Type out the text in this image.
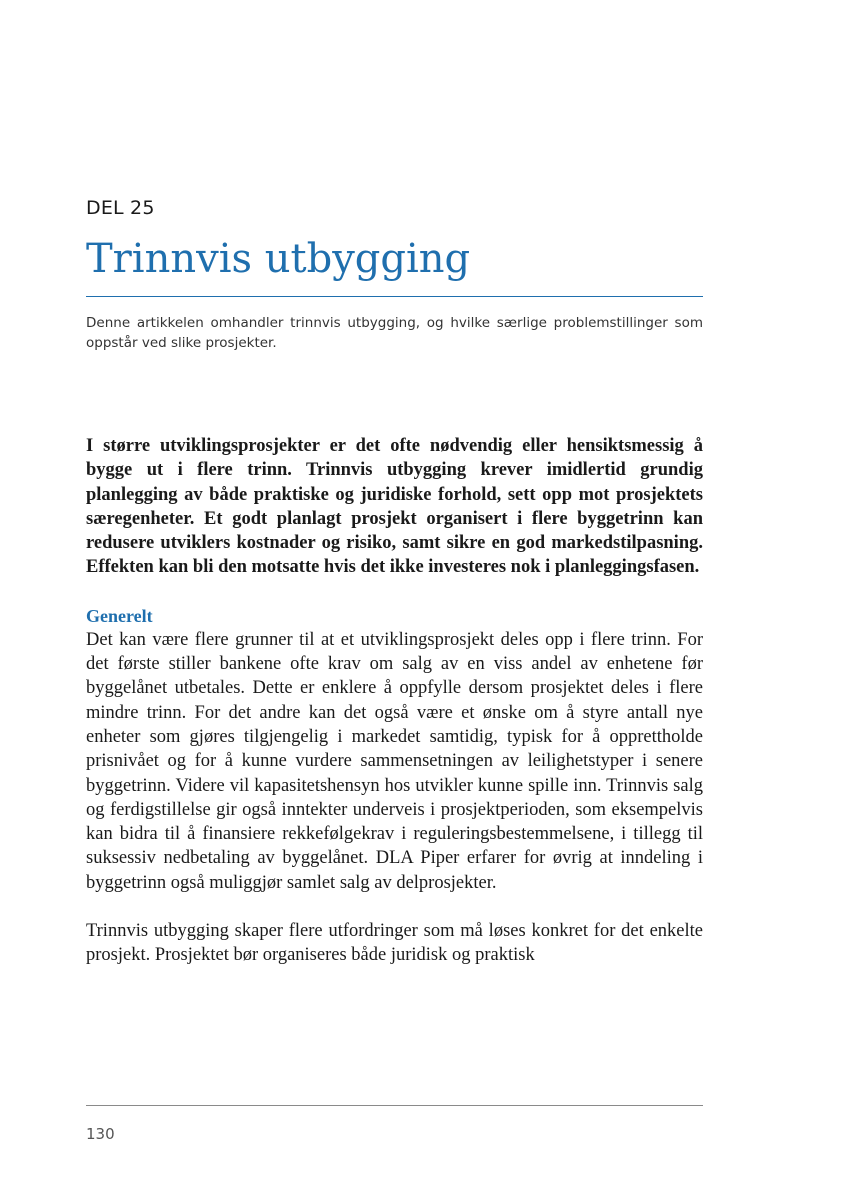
DEL 25
Trinnvis utbygging

Denne artikkelen omhandler trinnvis utbygging, og hvilke særlige problemstillinger som oppstår ved slike prosjekter.

I større utviklingsprosjekter er det ofte nødvendig eller hensiktsmessig å bygge ut i flere trinn. Trinnvis utbygging krever imidlertid grundig planlegging av både praktiske og juridiske forhold, sett opp mot prosjektets særegenheter. Et godt planlagt prosjekt organisert i flere byggetrinn kan redusere utviklers kostnader og risiko, samt sikre en god markedstilpasning. Effekten kan bli den motsatte hvis det ikke investeres nok i planleggingsfasen.

Generelt

Det kan være flere grunner til at et utviklingsprosjekt deles opp i flere trinn. For det første stiller bankene ofte krav om salg av en viss andel av enhetene før byggelånet utbetales. Dette er enklere å oppfylle dersom prosjektet deles i flere mindre trinn. For det andre kan det også være et ønske om å styre antall nye enheter som gjøres tilgjengelig i markedet samtidig, typisk for å opprettholde prisnivået og for å kunne vurdere sammensetningen av leilighetstyper i senere byggetrinn. Videre vil kapasitetshensyn hos utvikler kunne spille inn. Trinnvis salg og ferdigstillelse gir også inntekter underveis i prosjektperioden, som eksempelvis kan bidra til å finansiere rekkefølgekrav i reguleringsbestemmelsene, i tillegg til suksessiv nedbetaling av byggelånet. DLA Piper erfarer for øvrig at inndeling i byggetrinn også muliggjør samlet salg av delprosjekter.

Trinnvis utbygging skaper flere utfordringer som må løses konkret for det enkelte prosjekt. Prosjektet bør organiseres både juridisk og praktisk

130
